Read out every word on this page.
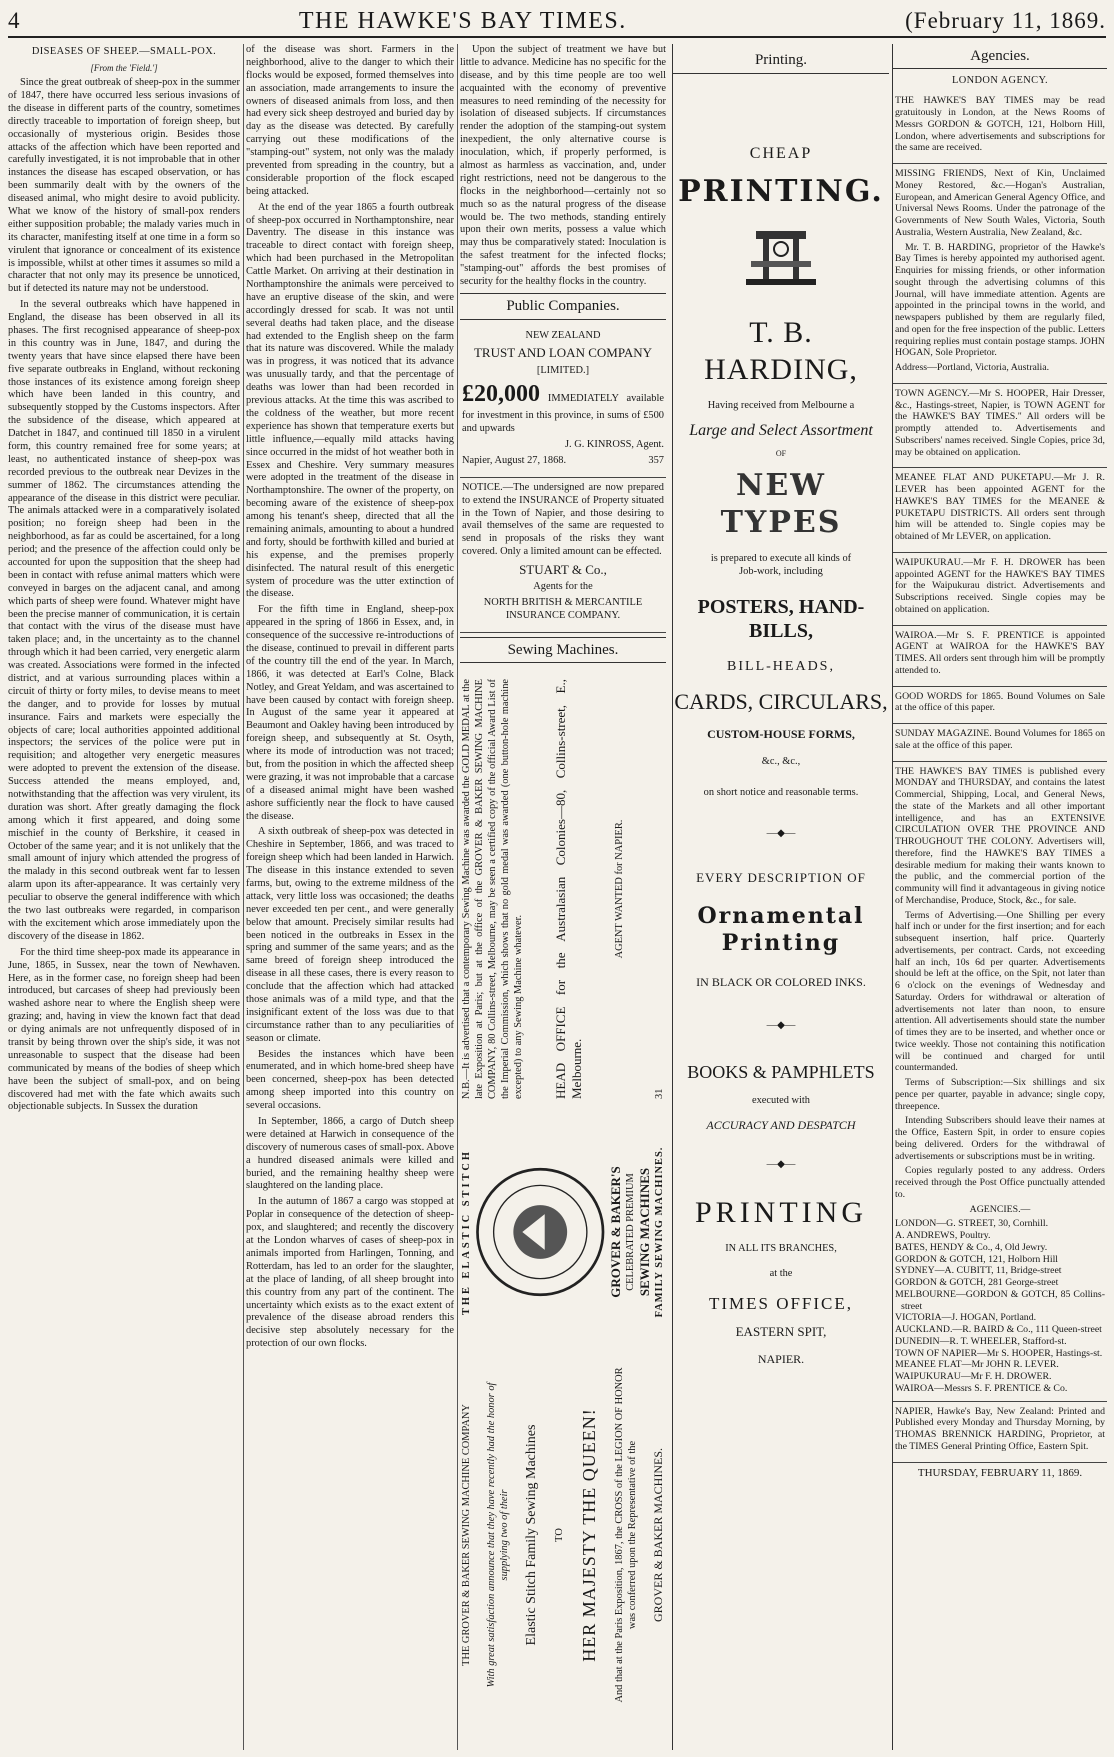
4	THE HAWKE'S BAY TIMES.	(February 11, 1869.
DISEASES OF SHEEP.—SMALL-POX.
[From the 'Field.']

Since the great outbreak of sheep-pox in the summer of 1847, there have occurred less serious invasions of the disease in different parts of the country, sometimes directly traceable to importation of foreign sheep, but occasionally of mysterious origin. Besides those attacks of the affection which have been reported and carefully investigated, it is not improbable that in other instances the disease has escaped observation, or has been summarily dealt with by the owners of the diseased animal, who might desire to avoid publicity. What we know of the history of small-pox renders either supposition probable; the malady varies much in its character, manifesting itself at one time in a form so virulent that ignorance or concealment of its existence is impossible, whilst at other times it assumes so mild a character that not only may its presence be unnoticed, but if detected its nature may not be understood.

In the several outbreaks which have happened in England, the disease has been observed in all its phases. The first recognised appearance of sheep-pox in this country was in June, 1847, and during the twenty years that have since elapsed there have been five separate outbreaks in England, without reckoning those instances of its existence among foreign sheep which have been landed in this country, and subsequently stopped by the Customs inspectors. After the subsidence of the disease, which appeared at Datchet in 1847, and continued till 1850 in a virulent form, this country remained free for some years; at least, no authenticated instance of sheep-pox was recorded previous to the outbreak near Devizes in the summer of 1862. The circumstances attending the appearance of the disease in this district were peculiar. The animals attacked were in a comparatively isolated position; no foreign sheep had been in the neighborhood, as far as could be ascertained, for a long period; and the presence of the affection could only be accounted for upon the supposition that the sheep had been in contact with refuse animal matters which were conveyed in barges on the adjacent canal, and among which parts of sheep were found. Whatever might have been the precise manner of communication, it is certain that contact with the virus of the disease must have taken place; and, in the uncertainty as to the channel through which it had been carried, very energetic alarm was created. Associations were formed in the infected district, and at various surrounding places within a circuit of thirty or forty miles, to devise means to meet the danger, and to provide for losses by mutual insurance. Fairs and markets were especially the objects of care; local authorities appointed additional inspectors; the services of the police were put in requisition; and altogether very energetic measures were adopted to prevent the extension of the disease. Success attended the means employed, and, notwithstanding that the affection was very virulent, its duration was short. After greatly damaging the flock among which it first appeared, and doing some mischief in the county of Berkshire, it ceased in October of the same year; and it is not unlikely that the small amount of injury which attended the progress of the malady in this second outbreak went far to lessen alarm upon its after-appearance. It was certainly very peculiar to observe the general indifference with which the two last outbreaks were regarded, in comparison with the excitement which arose immediately upon the discovery of the disease in 1862.

For the third time sheep-pox made its appearance in June, 1865, in Sussex, near the town of Newhaven. Here, as in the former case, no foreign sheep had been introduced, but carcases of sheep had previously been washed ashore near to where the English sheep were grazing; and, having in view the known fact that dead or dying animals are not unfrequently disposed of in transit by being thrown over the ship's side, it was not unreasonable to suspect that the disease had been communicated by means of the bodies of sheep which have been the subject of small-pox, and on being discovered had met with the fate which awaits such objectionable subjects. In Sussex the duration

of the disease was short. Farmers in the neighborhood, alive to the danger to which their flocks would be exposed, formed themselves into an association, made arrangements to insure the owners of diseased animals from loss, and then had every sick sheep destroyed and buried day by day as the disease was detected. By carefully carrying out these modifications of the "stamping-out" system, not only was the malady prevented from spreading in the country, but a considerable proportion of the flock escaped being attacked.

At the end of the year 1865 a fourth outbreak of sheep-pox occurred in Northamptonshire, near Daventry. The disease in this instance was traceable to direct contact with foreign sheep, which had been purchased in the Metropolitan Cattle Market. On arriving at their destination in Northamptonshire the animals were perceived to have an eruptive disease of the skin, and were accordingly dressed for scab. It was not until several deaths had taken place, and the disease had extended to the English sheep on the farm that its nature was discovered. While the malady was in progress, it was noticed that its advance was unusually tardy, and that the percentage of deaths was lower than had been recorded in previous attacks. At the time this was ascribed to the coldness of the weather, but more recent experience has shown that temperature exerts but little influence,—equally mild attacks having since occurred in the midst of hot weather both in Essex and Cheshire. Very summary measures were adopted in the treatment of the disease in Northamptonshire. The owner of the property, on becoming aware of the existence of sheep-pox among his tenant's sheep, directed that all the remaining animals, amounting to about a hundred and forty, should be forthwith killed and buried at his expense, and the premises properly disinfected. The natural result of this energetic system of procedure was the utter extinction of the disease.

For the fifth time in England, sheep-pox appeared in the spring of 1866 in Essex, and, in consequence of the successive re-introductions of the disease, continued to prevail in different parts of the country till the end of the year. In March, 1866, it was detected at Earl's Colne, Black Notley, and Great Yeldam, and was ascertained to have been caused by contact with foreign sheep. In August of the same year it appeared at Beaumont and Oakley having been introduced by foreign sheep, and subsequently at St. Osyth, where its mode of introduction was not traced; but, from the position in which the affected sheep were grazing, it was not improbable that a carcase of a diseased animal might have been washed ashore sufficiently near the flock to have caused the disease.

A sixth outbreak of sheep-pox was detected in Cheshire in September, 1866, and was traced to foreign sheep which had been landed in Harwich. The disease in this instance extended to seven farms, but, owing to the extreme mildness of the attack, very little loss was occasioned; the deaths never exceeded ten per cent., and were generally below that amount. Precisely similar results had been noticed in the outbreaks in Essex in the spring and summer of the same years; and as the same breed of foreign sheep introduced the disease in all these cases, there is every reason to conclude that the affection which had attacked those animals was of a mild type, and that the insignificant extent of the loss was due to that circumstance rather than to any peculiarities of season or climate.

Besides the instances which have been enumerated, and in which home-bred sheep have been concerned, sheep-pox has been detected among sheep imported into this country on several occasions.

In September, 1866, a cargo of Dutch sheep were detained at Harwich in consequence of the discovery of numerous cases of small-pox. Above a hundred diseased animals were killed and buried, and the remaining healthy sheep were slaughtered on the landing place.

In the autumn of 1867 a cargo was stopped at Poplar in consequence of the detection of sheep-pox, and slaughtered; and recently the discovery at the London wharves of cases of sheep-pox in animals imported from Harlingen, Tonning, and Rotterdam, has led to an order for the slaughter, at the place of landing, of all sheep brought into this country from any part of the continent. The uncertainty which exists as to the exact extent of prevalence of the disease abroad renders this decisive step absolutely necessary for the protection of our own flocks.

Upon the subject of treatment we have but little to advance. Medicine has no specific for the disease, and by this time people are too well acquainted with the economy of preventive measures to need reminding of the necessity for isolation of diseased subjects. If circumstances render the adoption of the stamping-out system inexpedient, the only alternative course is inoculation, which, if properly performed, is almost as harmless as vaccination, and, under right restrictions, need not be dangerous to the flocks in the neighborhood—certainly not so much so as the natural progress of the disease would be. The two methods, standing entirely upon their own merits, possess a value which may thus be comparatively stated: Inoculation is the safest treatment for the infected flocks; "stamping-out" affords the best promises of security for the healthy flocks in the country.

Public Companies.

NEW ZEALAND

TRUST AND LOAN COMPANY

[LIMITED.]

£20,000 IMMEDIATELY available for investment in this province, in sums of £500 and upwards

J. G. KINROSS, Agent.

Napier, August 27, 1868.	357

NOTICE.—The undersigned are now prepared to extend the INSURANCE of Property situated in the Town of Napier, and those desiring to avail themselves of the same are requested to send in proposals of the risks they want covered. Only a limited amount can be effected.

STUART & Co.,

Agents for the

NORTH BRITISH & MERCANTILE INSURANCE COMPANY.

Sewing Machines.
THE GROVER & BAKER SEWING MACHINE COMPANY With great satisfaction announce that they have recently had the honor of supplying two of their Elastic Stitch Family Sewing Machines TO HER MAJESTY THE QUEEN! And that at the Paris Exposition, 1867, the CROSS of the LEGION OF HONOR was conferred upon the Representative of the GROVER & BAKER MACHINES.
THE ELASTIC STITCH	GROVER & BAKER'S CELEBRATED PREMIUM SEWING MACHINES FAMILY SEWING MACHINES.
N.B.—It is advertised that a contemporary Sewing Machine was awarded the GOLD MEDAL at the late Exposition at Paris; but at the office of the GROVER & BAKER SEWING MACHINE COMPANY, 80 Collins-street, Melbourne, may be seen a certified copy of the official Award List of the Imperial Commission, which shows that no gold medal was awarded (one button-hole machine excepted) to any Sewing Machine whatever. HEAD OFFICE for the Australasian Colonies—80, Collins-street, E., Melbourne.
AGENT WANTED for NAPIER.
31
Printing.

CHEAP

PRINTING.

T. B. HARDING,

Having received from Melbourne a

Large and Select Assortment

OF

NEW TYPES

is prepared to execute all kinds of

Job-work, including

POSTERS, HAND-BILLS,

BILL-HEADS,

CARDS, CIRCULARS,

CUSTOM-HOUSE FORMS,

&c., &c.,

on short notice and reasonable terms.

—◆—

EVERY DESCRIPTION OF

Ornamental Printing

IN BLACK OR COLORED INKS.

—◆—

BOOKS & PAMPHLETS

executed with

ACCURACY AND DESPATCH

—◆—

PRINTING

IN ALL ITS BRANCHES,

at the

TIMES OFFICE,

EASTERN SPIT,

NAPIER.

Agencies.
LONDON AGENCY.

THE HAWKE'S BAY TIMES may be read gratuitously in London, at the News Rooms of Messrs GORDON & GOTCH, 121, Holborn Hill, London, where advertisements and subscriptions for the same are received.

MISSING FRIENDS, Next of Kin, Unclaimed Money Restored, &c.—Hogan's Australian, European, and American General Agency Office, and Universal News Rooms. Under the patronage of the Governments of New South Wales, Victoria, South Australia, Western Australia, New Zealand, &c.

Mr. T. B. HARDING, proprietor of the Hawke's Bay Times is hereby appointed my authorised agent. Enquiries for missing friends, or other information sought through the advertising columns of this Journal, will have immediate attention. Agents are appointed in the principal towns in the world, and newspapers published by them are regularly filed, and open for the free inspection of the public. Letters requiring replies must contain postage stamps. JOHN HOGAN, Sole Proprietor.

Address—Portland, Victoria, Australia.

TOWN AGENCY.—Mr S. HOOPER, Hair Dresser, &c., Hastings-street, Napier, is TOWN AGENT for the HAWKE'S BAY TIMES." All orders will be promptly attended to. Advertisements and Subscribers' names received. Single Copies, price 3d, may be obtained on application.

MEANEE FLAT AND PUKETAPU.—Mr J. R. LEVER has been appointed AGENT for the HAWKE'S BAY TIMES for the MEANEE & PUKETAPU DISTRICTS. All orders sent through him will be attended to. Single copies may be obtained of Mr LEVER, on application.

WAIPUKURAU.—Mr F. H. DROWER has been appointed AGENT for the HAWKE'S BAY TIMES for the Waipukurau district. Advertisements and Subscriptions received. Single copies may be obtained on application.

WAIROA.—Mr S. F. PRENTICE is appointed AGENT at WAIROA for the HAWKE'S BAY TIMES. All orders sent through him will be promptly attended to.

GOOD WORDS for 1865. Bound Volumes on Sale at the office of this paper.

SUNDAY MAGAZINE. Bound Volumes for 1865 on sale at the office of this paper.

THE HAWKE'S BAY TIMES is published every MONDAY and THURSDAY, and contains the latest Commercial, Shipping, Local, and General News, the state of the Markets and all other important intelligence, and has an EXTENSIVE CIRCULATION OVER THE PROVINCE AND THROUGHOUT THE COLONY. Advertisers will, therefore, find the HAWKE'S BAY TIMES a desirable medium for making their wants known to the public, and the commercial portion of the community will find it advantageous in giving notice of Merchandise, Produce, Stock, &c., for sale.

Terms of Advertising.—One Shilling per every half inch or under for the first insertion; and for each subsequent insertion, half price. Quarterly advertisements, per contract. Cards, not exceeding half an inch, 10s 6d per quarter. Advertisements should be left at the office, on the Spit, not later than 6 o'clock on the evenings of Wednesday and Saturday. Orders for withdrawal or alteration of advertisements not later than noon, to ensure attention. All advertisements should state the number of times they are to be inserted, and whether once or twice weekly. Those not containing this notification will be continued and charged for until countermanded.

Terms of Subscription:—Six shillings and six pence per quarter, payable in advance; single copy, threepence.

Intending Subscribers should leave their names at the Office, Eastern Spit, in order to ensure copies being delivered. Orders for the withdrawal of advertisements or subscriptions must be in writing.

Copies regularly posted to any address. Orders received through the Post Office punctually attended to.

AGENCIES.—

LONDON—G. STREET, 30, Cornhill.
A. ANDREWS, Poultry.
BATES, HENDY & Co., 4, Old Jewry.
GORDON & GOTCH, 121, Holborn Hill
SYDNEY—A. CUBITT, 11, Bridge-street
GORDON & GOTCH, 281 George-street
MELBOURNE—GORDON & GOTCH, 85 Collins-street
VICTORIA—J. HOGAN, Portland.
AUCKLAND.—R. BAIRD & Co., 111 Queen-street
DUNEDIN—R. T. WHEELER, Stafford-st.
TOWN OF NAPIER—Mr S. HOOPER, Hastings-st.
MEANEE FLAT—Mr JOHN R. LEVER.
WAIPUKURAU—Mr F. H. DROWER.
WAIROA—Messrs S. F. PRENTICE & Co.

NAPIER, Hawke's Bay, New Zealand: Printed and Published every Monday and Thursday Morning, by THOMAS BRENNICK HARDING, Proprietor, at the TIMES General Printing Office, Eastern Spit.

THURSDAY, FEBRUARY 11, 1869.
